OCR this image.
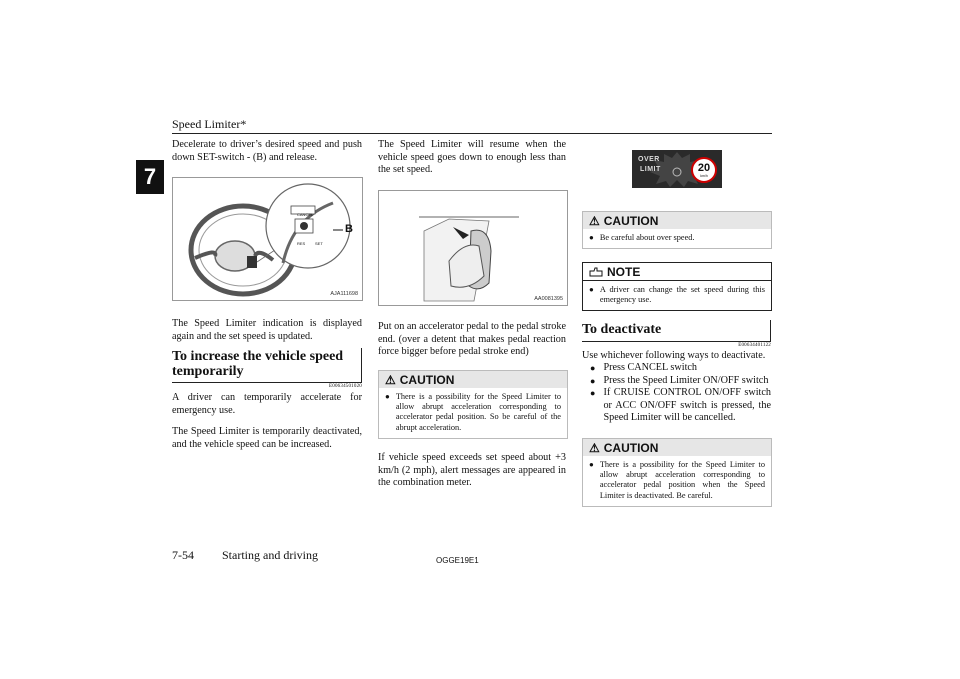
Speed Limiter*
7
Decelerate to driver’s desired speed and push down SET-switch - (B) and release.
CANCEL
RES SET
B
AJA111698
The Speed Limiter indication is displayed again and the set speed is updated.
To increase the vehicle speed temporarily
E00634501020
A driver can temporarily accelerate for emergency use.
The Speed Limiter is temporarily deactivated, and the vehicle speed can be increased.
The Speed Limiter will resume when the vehicle speed goes down to enough less than the set speed.
AA0081395
Put on an accelerator pedal to the pedal stroke end. (over a detent that makes pedal reaction force bigger before pedal stroke end)
⚠ CAUTION
● There is a possibility for the Speed Limiter to allow abrupt acceleration corresponding to accelerator pedal position. So be careful of the abrupt acceleration.
If vehicle speed exceeds set speed about +3 km/h (2 mph), alert messages are appeared in the combination meter.
OVER
LIMIT	20
km/h
⚠ CAUTION
● Be careful about over speed.
NOTE
● A driver can change the set speed during this emergency use.
To deactivate
E00634401122
Use whichever following ways to deactivate.
● Press CANCEL switch
● Press the Speed Limiter ON/OFF switch
● If CRUISE CONTROL ON/OFF switch or ACC ON/OFF switch is pressed, the Speed Limiter will be cancelled.
⚠ CAUTION
● There is a possibility for the Speed Limiter to allow abrupt acceleration corresponding to accelerator pedal position when the Speed Limiter is deactivated. Be careful.
7-54 Starting and driving	OGGE19E1
